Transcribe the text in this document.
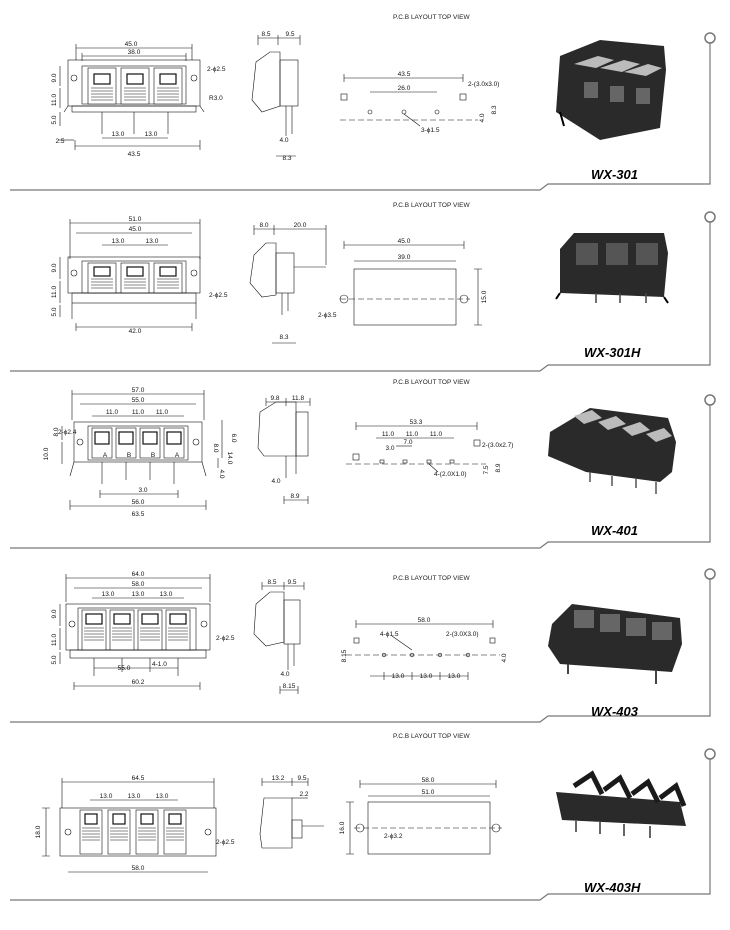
P.C.B LAYOUT TOP VIEW
45.0
38.0
9.0
11.0
5.0
2.5
13.0	13.0
43.5
2-ϕ2.5
R3.0
8.5 9.5
4.0
8.3
43.5
26.0
2-(3.0x3.0)
3-ϕ1.5
4.0
8.3
WX-301
P.C.B LAYOUT TOP VIEW
51.0
45.0
13.0	13.0
9.0
11.0
5.0
42.0
2-ϕ2.5
8.0	20.0
8.3
45.0
39.0
2-ϕ3.5
15.0
WX-301H
P.C.B LAYOUT TOP VIEW
57.0
55.0
11.0 11.0 11.0
8.0
10.0
2-ϕ2.4
6.0
8.0
14.0
4.0
3.0
56.0
63.5
A	B	B	A
9.8 11.8
4.0
8.9
53.3
11.0 11.0 11.0
7.0
3.0	2-(3.0x2.7)
4-(2.0X1.0)	7.5 8.9
WX-401
P.C.B LAYOUT TOP VIEW
64.0
58.0
13.0	13.0 13.0
9.0
11.0
5.0
2-ϕ2.5
55.0
4-1.0
60.2
8.5 9.5
4.0
8.15
58.0
4-ϕ1.5	2-(3.0X3.0)
8.15	4.0
13.0 13.0 13.0
WX-403
P.C.B LAYOUT TOP VIEW
64.5
13.0 13.0 13.0
18.0
2-ϕ2.5
58.0
13.2 9.5
2.2
58.0
51.0
2-ϕ3.2
16.0
WX-403H
